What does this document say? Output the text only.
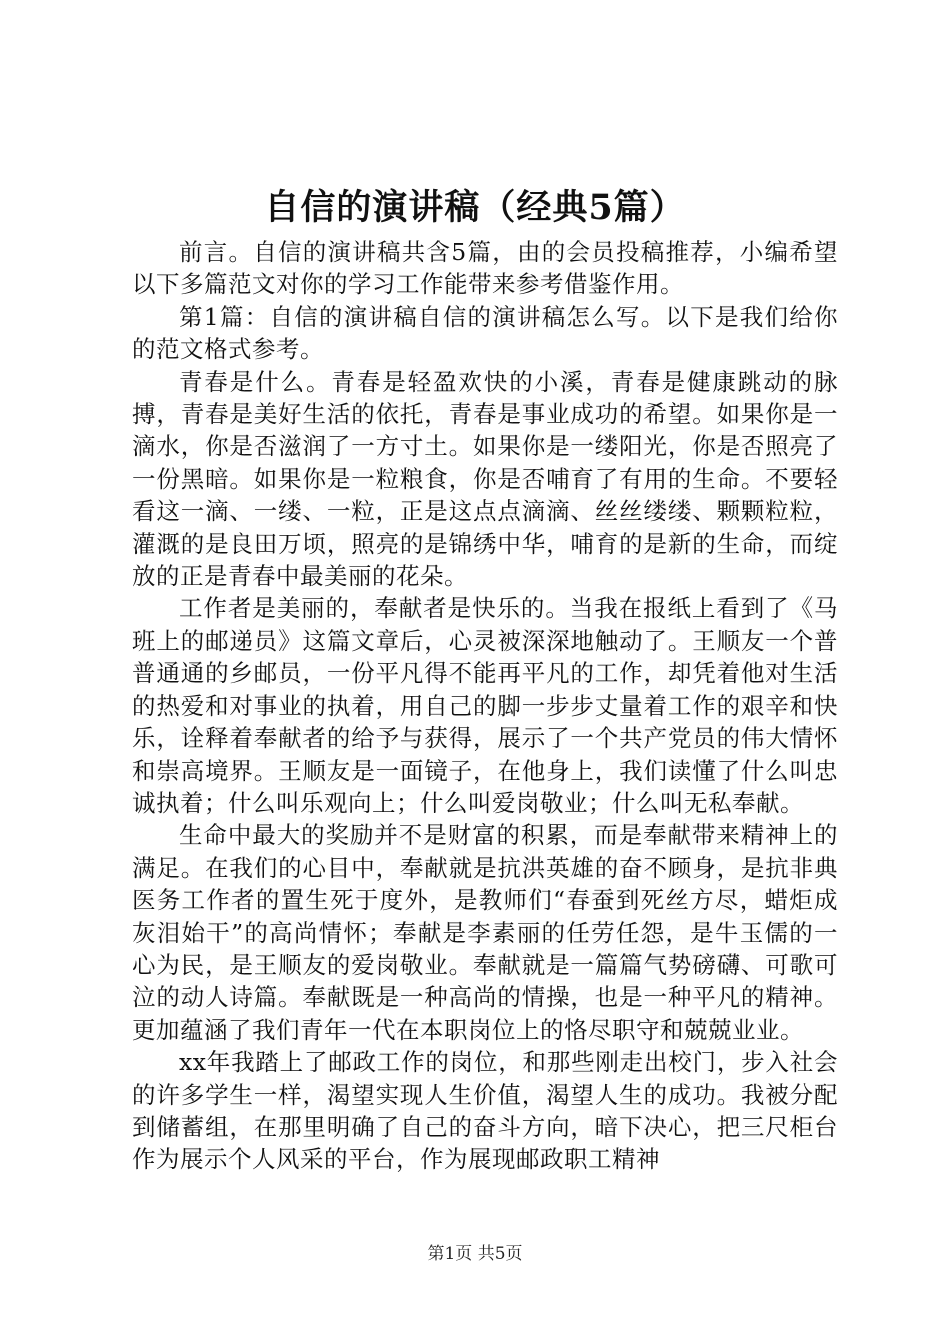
自信的演讲稿（经典5篇）

前言。自信的演讲稿共含5篇，由的会员投稿推荐，小编希望以下多篇范文对你的学习工作能带来参考借鉴作用。

第1篇：自信的演讲稿自信的演讲稿怎么写。以下是我们给你的范文格式参考。

青春是什么。青春是轻盈欢快的小溪，青春是健康跳动的脉搏，青春是美好生活的依托，青春是事业成功的希望。如果你是一滴水，你是否滋润了一方寸土。如果你是一缕阳光，你是否照亮了一份黑暗。如果你是一粒粮食，你是否哺育了有用的生命。不要轻看这一滴、一缕、一粒，正是这点点滴滴、丝丝缕缕、颗颗粒粒，灌溉的是良田万顷，照亮的是锦绣中华，哺育的是新的生命，而绽放的正是青春中最美丽的花朵。

工作者是美丽的，奉献者是快乐的。当我在报纸上看到了《马班上的邮递员》这篇文章后，心灵被深深地触动了。王顺友一个普普通通的乡邮员，一份平凡得不能再平凡的工作，却凭着他对生活的热爱和对事业的执着，用自己的脚一步步丈量着工作的艰辛和快乐，诠释着奉献者的给予与获得，展示了一个共产党员的伟大情怀和崇高境界。王顺友是一面镜子，在他身上，我们读懂了什么叫忠诚执着；什么叫乐观向上；什么叫爱岗敬业；什么叫无私奉献。

生命中最大的奖励并不是财富的积累，而是奉献带来精神上的满足。在我们的心目中，奉献就是抗洪英雄的奋不顾身，是抗非典医务工作者的置生死于度外，是教师们“春蚕到死丝方尽，蜡炬成灰泪始干”的高尚情怀；奉献是李素丽的任劳任怨，是牛玉儒的一心为民，是王顺友的爱岗敬业。奉献就是一篇篇气势磅礴、可歌可泣的动人诗篇。奉献既是一种高尚的情操，也是一种平凡的精神。更加蕴涵了我们青年一代在本职岗位上的恪尽职守和兢兢业业。

xx年我踏上了邮政工作的岗位，和那些刚走出校门，步入社会的许多学生一样，渴望实现人生价值，渴望人生的成功。我被分配到储蓄组，在那里明确了自己的奋斗方向，暗下决心，把三尺柜台作为展示个人风采的平台，作为展现邮政职工精神

第1页 共5页
